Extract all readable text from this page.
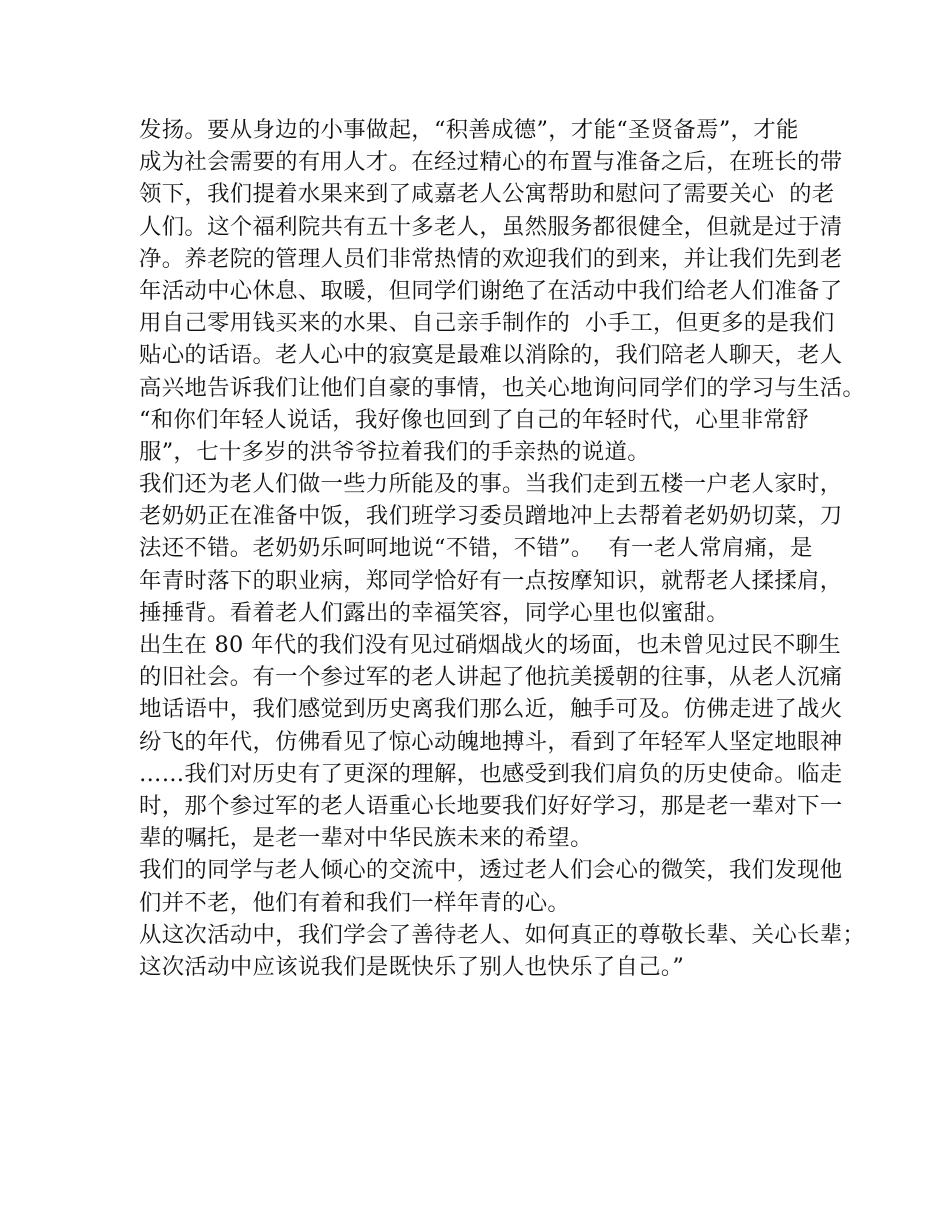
发扬。要从身边的小事做起，“积善成德”，才能“圣贤备焉”，才能
成为社会需要的有用人才。在经过精心的布置与准备之后，在班长的带
领下，我们提着水果来到了咸嘉老人公寓帮助和慰问了需要关心  的老
人们。这个福利院共有五十多老人，虽然服务都很健全，但就是过于清
净。养老院的管理人员们非常热情的欢迎我们的到来，并让我们先到老
年活动中心休息、取暖，但同学们谢绝了在活动中我们给老人们准备了
用自己零用钱买来的水果、自己亲手制作的  小手工，但更多的是我们
贴心的话语。老人心中的寂寞是最难以消除的，我们陪老人聊天，老人
高兴地告诉我们让他们自豪的事情，也关心地询问同学们的学习与生活。
“和你们年轻人说话，我好像也回到了自己的年轻时代，心里非常舒
服”，七十多岁的洪爷爷拉着我们的手亲热的说道。
我们还为老人们做一些力所能及的事。当我们走到五楼一户老人家时，
老奶奶正在准备中饭，我们班学习委员蹭地冲上去帮着老奶奶切菜，刀
法还不错。老奶奶乐呵呵地说“不错，不错”。  有一老人常肩痛，是
年青时落下的职业病，郑同学恰好有一点按摩知识，就帮老人揉揉肩，
捶捶背。看着老人们露出的幸福笑容，同学心里也似蜜甜。
出生在 80 年代的我们没有见过硝烟战火的场面，也未曾见过民不聊生
的旧社会。有一个参过军的老人讲起了他抗美援朝的往事，从老人沉痛
地话语中，我们感觉到历史离我们那么近，触手可及。仿佛走进了战火
纷飞的年代，仿佛看见了惊心动魄地搏斗，看到了年轻军人坚定地眼神
……我们对历史有了更深的理解，也感受到我们肩负的历史使命。临走
时，那个参过军的老人语重心长地要我们好好学习，那是老一辈对下一
辈的嘱托，是老一辈对中华民族未来的希望。
我们的同学与老人倾心的交流中，透过老人们会心的微笑，我们发现他
们并不老，他们有着和我们一样年青的心。
从这次活动中，我们学会了善待老人、如何真正的尊敬长辈、关心长辈；
这次活动中应该说我们是既快乐了别人也快乐了自己。”
